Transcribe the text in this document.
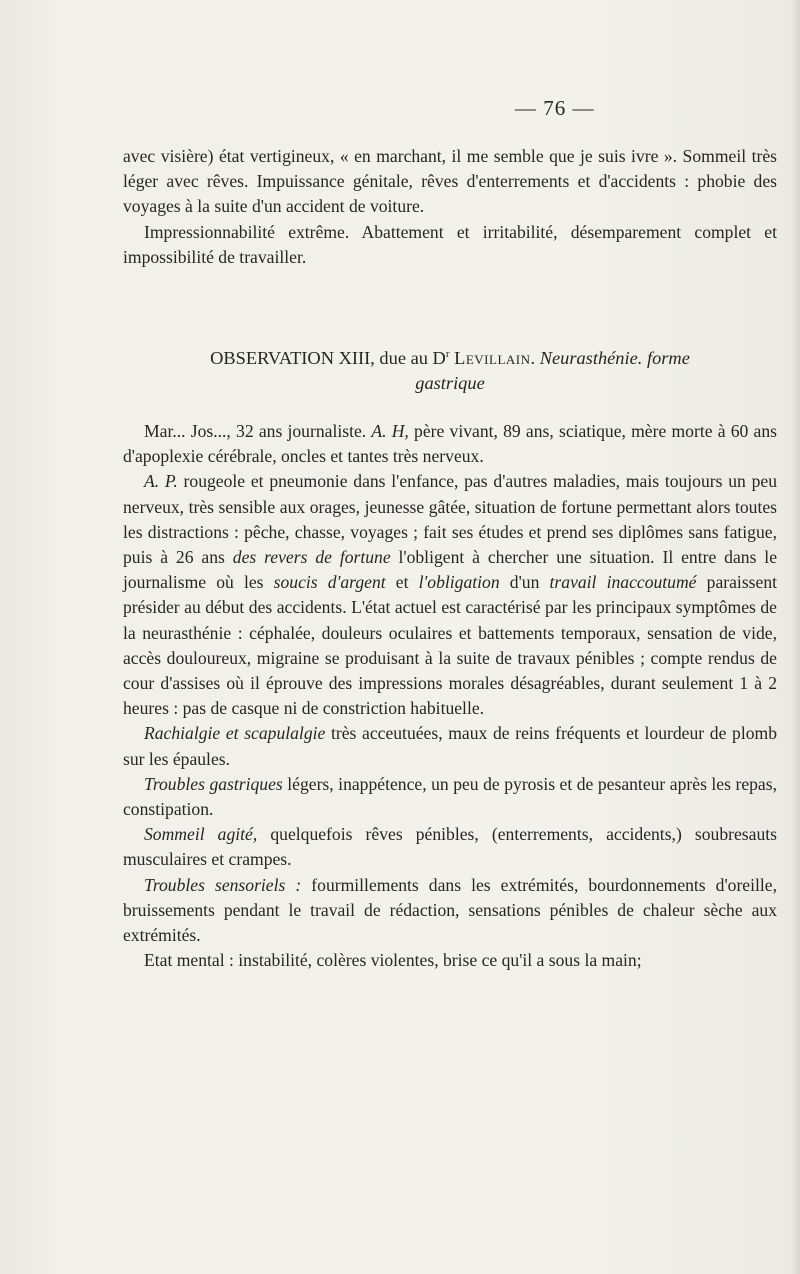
— 76 —

avec visière) état vertigineux, « en marchant, il me semble que je suis ivre ». Sommeil très léger avec rêves. Impuissance génitale, rêves d'enterrements et d'accidents : phobie des voyages à la suite d'un accident de voiture.

Impressionnabilité extrême. Abattement et irritabilité, désemparement complet et impossibilité de travailler.

OBSERVATION XIII, due au $D^r$ Levillain. Neurasthénie. forme
gastrique

Mar... Jos..., 32 ans journaliste. A. H, père vivant, 89 ans, sciatique, mère morte à 60 ans d'apoplexie cérébrale, oncles et tantes très nerveux.

A. P. rougeole et pneumonie dans l'enfance, pas d'autres maladies, mais toujours un peu nerveux, très sensible aux orages, jeunesse gâtée, situation de fortune permettant alors toutes les distractions : pêche, chasse, voyages ; fait ses études et prend ses diplômes sans fatigue, puis à 26 ans des revers de fortune l'obligent à chercher une situation. Il entre dans le journalisme où les soucis d'argent et l'obligation d'un travail inaccoutumé paraissent présider au début des accidents. L'état actuel est caractérisé par les principaux symptômes de la neurasthénie : céphalée, douleurs oculaires et battements temporaux, sensation de vide, accès douloureux, migraine se produisant à la suite de travaux pénibles ; compte rendus de cour d'assises où il éprouve des impressions morales désagréables, durant seulement 1 à 2 heures : pas de casque ni de constriction habituelle.

Rachialgie et scapulalgie très acceutuées, maux de reins fréquents et lourdeur de plomb sur les épaules.

Troubles gastriques légers, inappétence, un peu de pyrosis et de pesanteur après les repas, constipation.

Sommeil agité, quelquefois rêves pénibles, (enterrements, accidents,) soubresauts musculaires et crampes.

Troubles sensoriels : fourmillements dans les extrémités, bourdonnements d'oreille, bruissements pendant le travail de rédaction, sensations pénibles de chaleur sèche aux extrémités.

Etat mental : instabilité, colères violentes, brise ce qu'il a sous la main;
